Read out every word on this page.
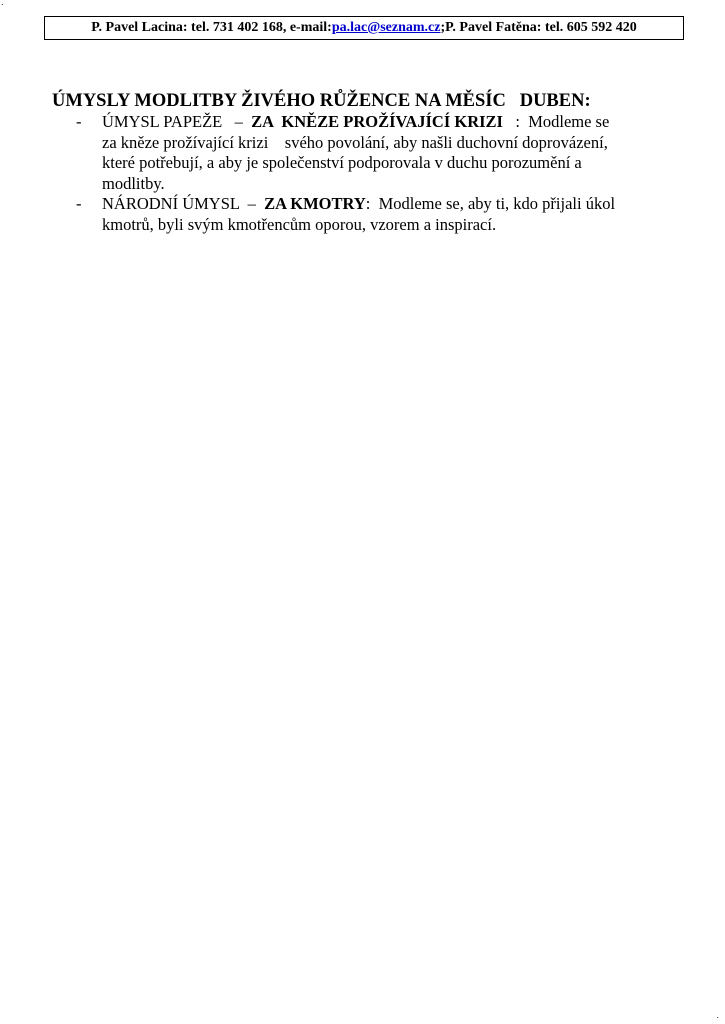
.
P. Pavel Lacina: tel. 731 402 168, e-mail: pa.lac@seznam.cz ; P. Pavel Fatěna: tel. 605 592 420

ÚMYSLY MODLITBY ŽIVÉHO RŮŽENCE NA MĚSÍC   DUBEN:

- ÚMYSL PAPEŽE   –  ZA  KNĚZE PROŽÍVAJÍCÍ KRIZI   :  Modleme se
za kněze prožívající krizi    svého povolání, aby našli duchovní doprovázení,
které potřebují, a aby je společenství podporovala v duchu porozumění a
modlitby.
- NÁRODNÍ ÚMYSL  –  ZA KMOTRY:  Modleme se, aby ti, kdo přijali úkol
kmotrů, byli svým kmotřencům oporou, vzorem a inspirací.
.
